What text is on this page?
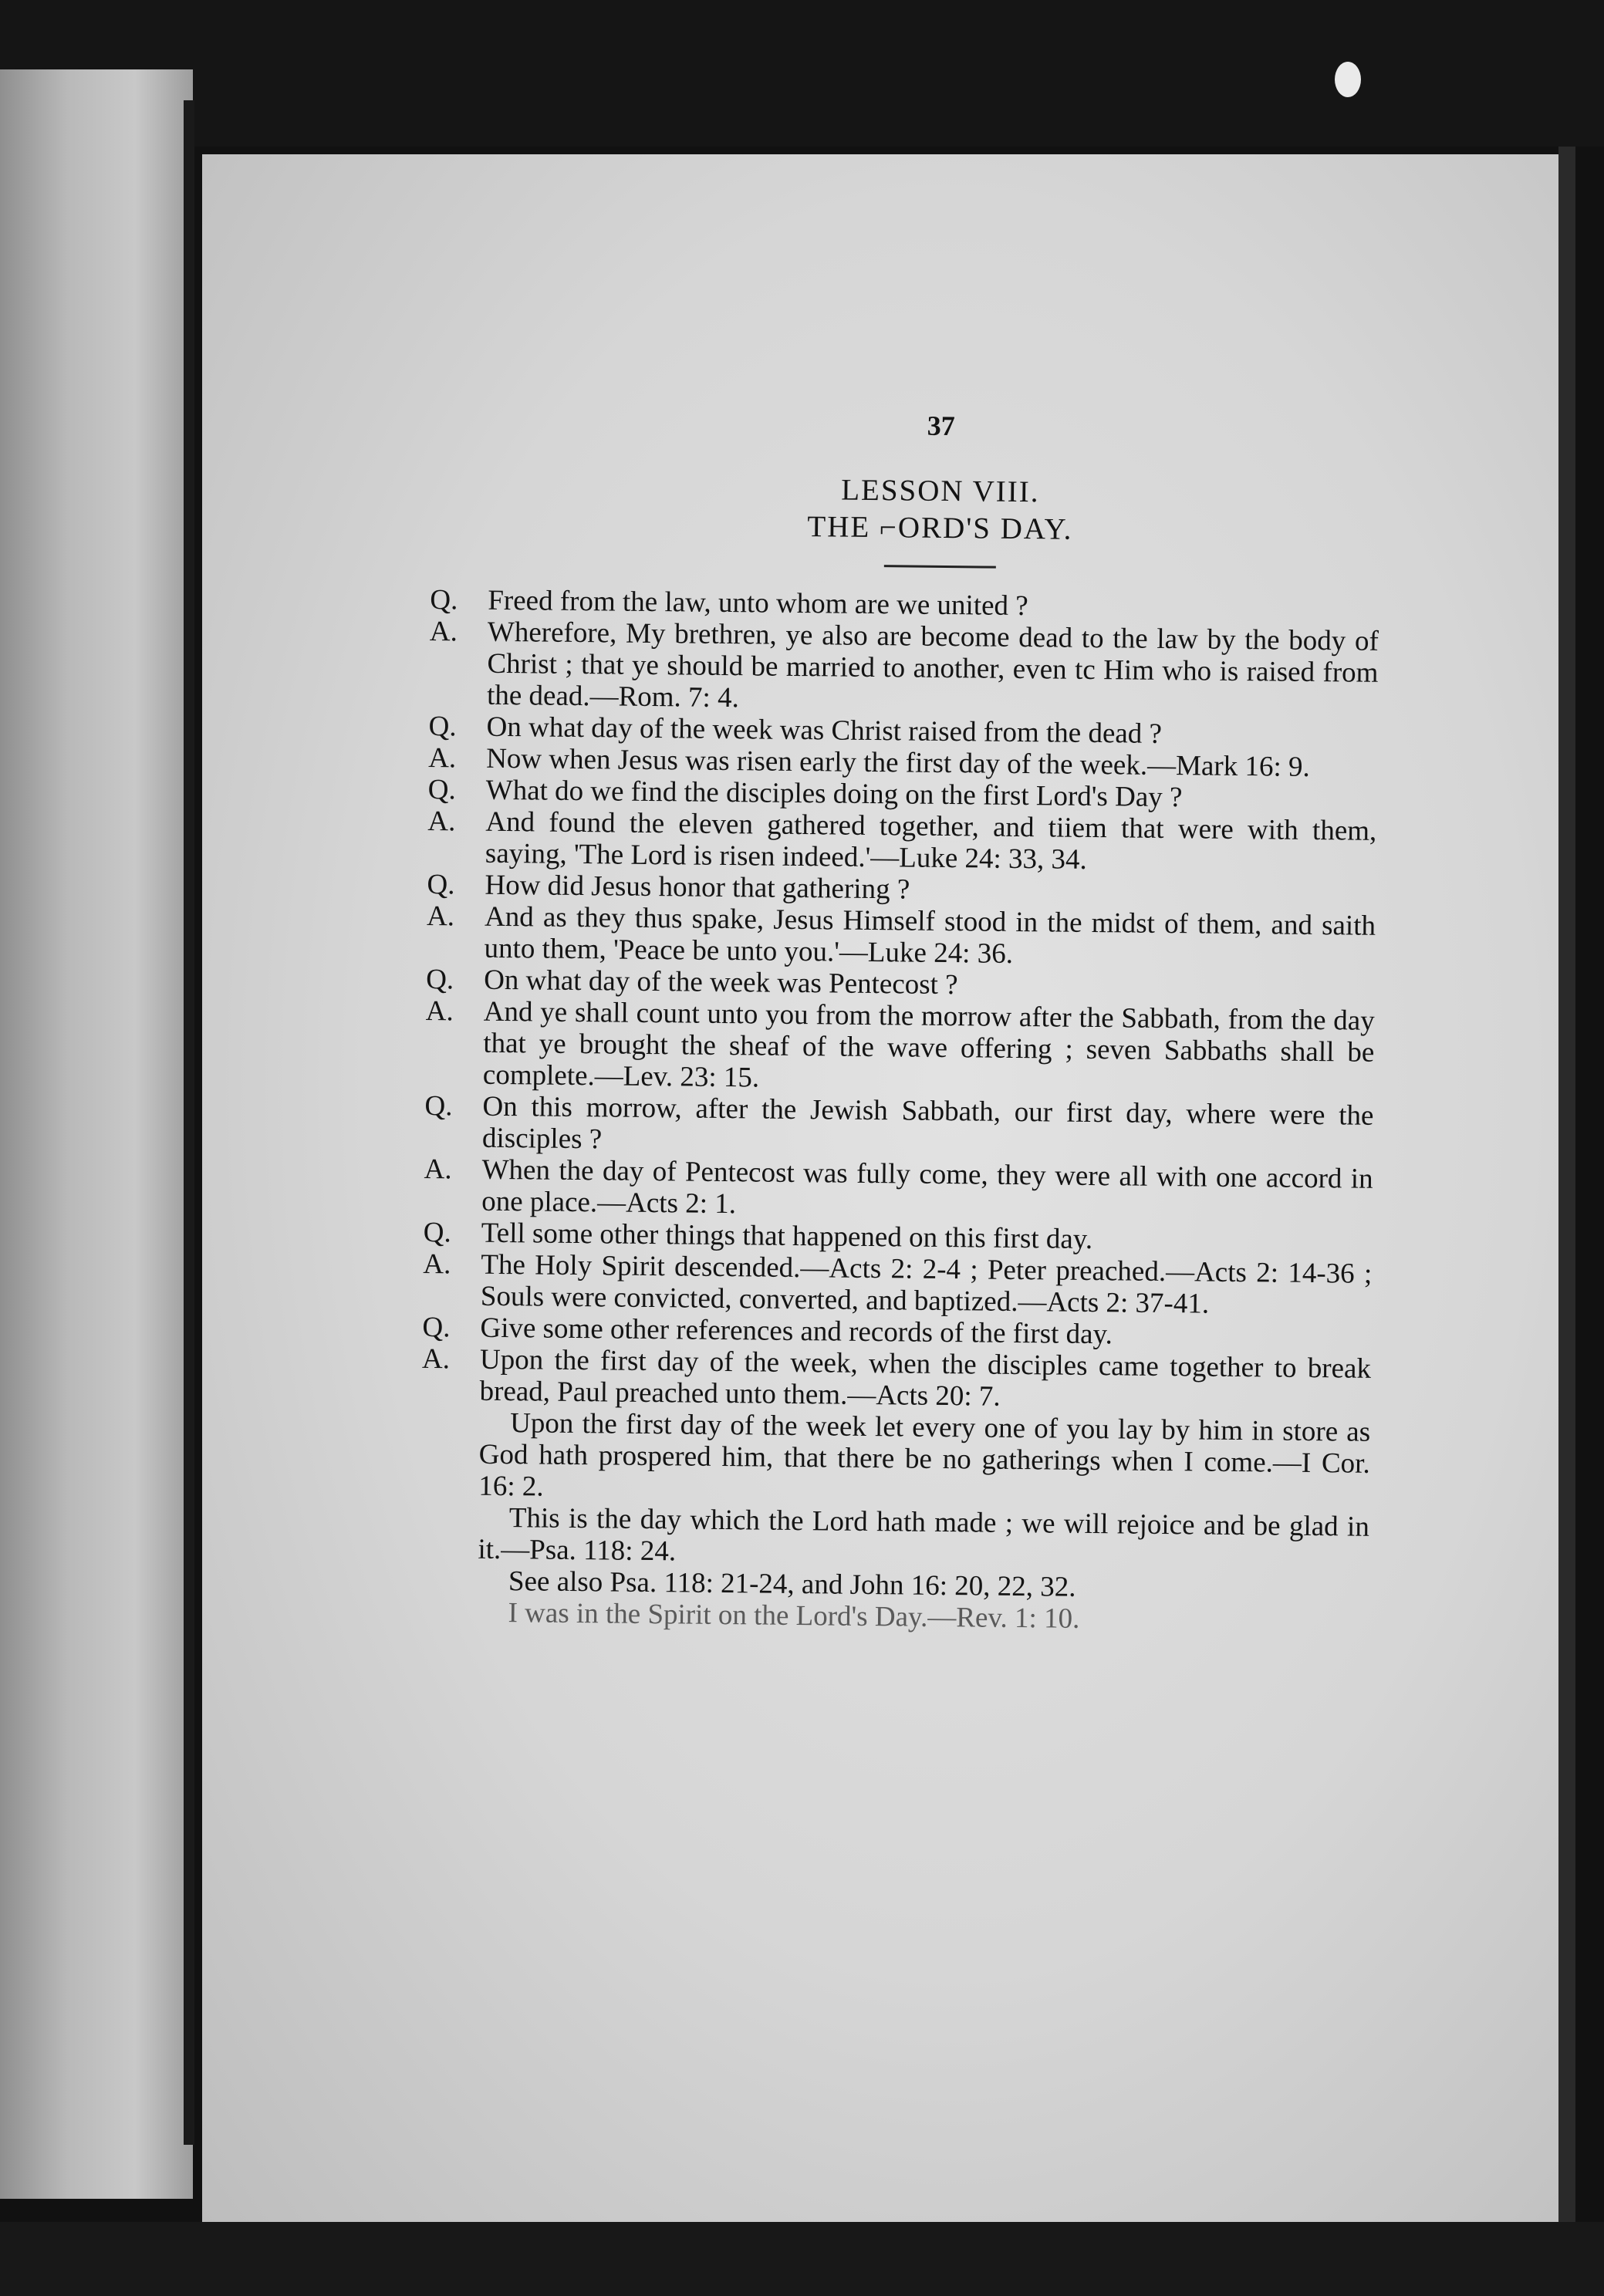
37
LESSON VIII.
THE ⌐ORD'S DAY.
Q.	Freed from the law, unto whom are we united ?
A.	Wherefore, My brethren, ye also are become dead to the law by the body of Christ ; that ye should be married to another, even tc Him who is raised from the dead.—Rom. 7: 4.
Q.	On what day of the week was Christ raised from the dead ?
A.	Now when Jesus was risen early the first day of the week.—Mark 16: 9.
Q.	What do we find the disciples doing on the first Lord's Day ?
A.	And found the eleven gathered together, and tiiem that were with them, saying, 'The Lord is risen indeed.'—Luke 24: 33, 34.
Q.	How did Jesus honor that gathering ?
A.	And as they thus spake, Jesus Himself stood in the midst of them, and saith unto them, 'Peace be unto you.'—Luke 24: 36.
Q.	On what day of the week was Pentecost ?
A.	And ye shall count unto you from the morrow after the Sabbath, from the day that ye brought the sheaf of the wave offering ; seven Sabbaths shall be complete.—Lev. 23: 15.
Q.	On this morrow, after the Jewish Sabbath, our first day, where were the disciples ?
A.	When the day of Pentecost was fully come, they were all with one accord in one place.—Acts 2: 1.
Q.	Tell some other things that happened on this first day.
A.	The Holy Spirit descended.—Acts 2: 2-4 ; Peter preached.—Acts 2: 14-36 ; Souls were convicted, converted, and baptized.—Acts 2: 37-41.
Q.	Give some other references and records of the first day.
A.	Upon the first day of the week, when the disciples came together to break bread, Paul preached unto them.—Acts 20: 7.
Upon the first day of the week let every one of you lay by him in store as God hath prospered him, that there be no gatherings when I come.—I Cor. 16: 2.
This is the day which the Lord hath made ; we will rejoice and be glad in it.—Psa. 118: 24.
See also Psa. 118: 21-24, and John 16: 20, 22, 32.
I was in the Spirit on the Lord's Day.—Rev. 1: 10.
